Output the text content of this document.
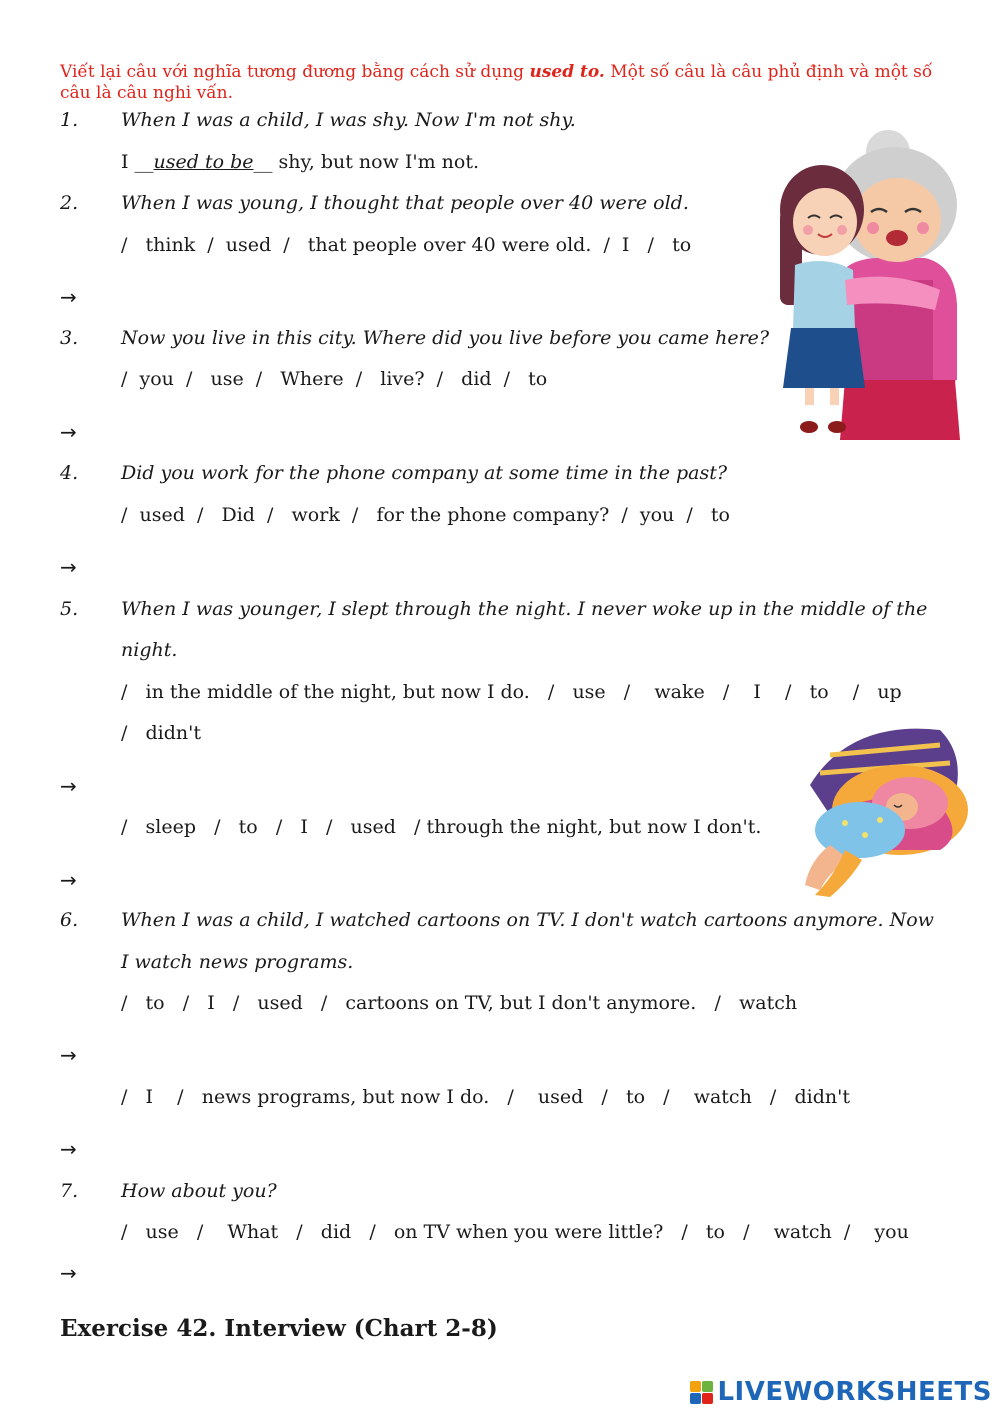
Viết lại câu với nghĩa tương đương bằng cách sử dụng used to. Một số câu là câu phủ định và một số câu là câu nghi vấn.
1. When I was a child, I was shy. Now I'm not shy.
I __used to be__ shy, but now I'm not.
2. When I was young, I thought that people over 40 were old.
/   think  /  used  /   that people over 40 were old.  /  I   /   to
→
3. Now you live in this city. Where did you live before you came here?
/  you  /   use  /   Where  /   live?  /   did  /   to
→
4. Did you work for the phone company at some time in the past?
/  used  /   Did  /   work  /   for the phone company?  /  you  /   to
→
5. When I was younger, I slept through the night. I never woke up in the middle of the
night.
/   in the middle of the night, but now I do.   /   use   /    wake   /    I    /   to    /   up
/   didn't
→
/   sleep   /   to   /   I   /   used   / through the night, but now I don't.
→
6. When I was a child, I watched cartoons on TV. I don't watch cartoons anymore. Now
I watch news programs.
/   to   /   I   /   used   /   cartoons on TV, but I don't anymore.   /   watch
→
/   I    /   news programs, but now I do.   /    used   /   to   /    watch   /   didn't
→
7. How about you?
/   use   /    What   /   did   /   on TV when you were little?   /   to   /    watch  /    you
→
Exercise 42. Interview (Chart 2-8)
LIVEWORKSHEETS
